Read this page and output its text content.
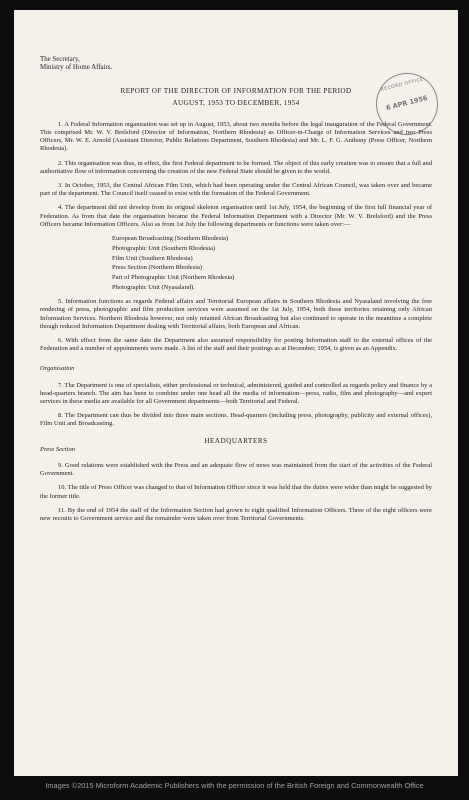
The Secretary,
Ministry of Home Affairs.
REPORT OF THE DIRECTOR OF INFORMATION FOR THE PERIOD
AUGUST, 1953 TO DECEMBER, 1954

1. A Federal Information organisation was set up in August, 1953, about two months before the legal inauguration of the Federal Government. This comprised Mr. W. V. Brelsford (Director of Information, Northern Rhodesia) as Officer-in-Charge of Information Services and two Press Officers, Mr. W. E. Arnold (Assistant Director, Public Relations Department, Southern Rhodesia) and Mr. L. F. G. Anthony (Press Officer, Northern Rhodesia).

2. This organisation was thus, in effect, the first Federal department to be formed. The object of this early creation was to ensure that a full and authoritative flow of information concerning the creation of the new Federal State should be given to the world.

3. In October, 1953, the Central African Film Unit, which had been operating under the Central African Council, was taken over and became part of the department. The Council itself ceased to exist with the formation of the Federal Government.

4. The department did not develop from its original skeleton organisation until 1st July, 1954, the beginning of the first full financial year of Federation. As from that date the organisation became the Federal Information Department with a Director (Mr. W. V. Brelsford) and the Press Officers became Information Officers. Also as from 1st July the following departments or functions were taken over:—

European Broadcasting (Southern Rhodesia)
Photographic Unit (Southern Rhodesia)
Film Unit (Southern Rhodesia)
Press Section (Northern Rhodesia)
Part of Photographic Unit (Northern Rhodesia)
Photographic Unit (Nyasaland).

5. Information functions as regards Federal affairs and Territorial European affairs in Southern Rhodesia and Nyasaland involving the free rendering of press, photographic and film production services were assumed on the 1st July, 1954, both these territories retaining only African Information Services. Northern Rhodesia however, not only retained African Broadcasting but also continued to operate in the meantime a complete though reduced Information Department dealing with Territorial affairs, both European and African.

6. With effect from the same date the Department also assumed responsibility for posting Information staff to the external offices of the Federation and a number of appointments were made. A list of the staff and their postings as at December, 1954, is given as an Appendix.

Organisation

7. The Department is one of specialists, either professional or technical, administered, guided and controlled as regards policy and finance by a head-quarters branch. The aim has been to combine under one head all the media of information—press, radio, film and photography—and expert services in these media are available for all Government departments—both Territorial and Federal.

8. The Department can thus be divided into three main sections. Head-quarters (including press, photography, publicity and external offices), Film Unit and Broadcasting.

HEADQUARTERS
Press Section

9. Good relations were established with the Press and an adequate flow of news was maintained from the start of the activities of the Federal Government.

10. The title of Press Officer was changed to that of Information Officer since it was held that the duties were wider than might be suggested by the former title.

11. By the end of 1954 the staff of the Information Section had grown to eight qualified Information Officers. Three of the eight officers were new recruits to Government service and the remainder were taken over from Territorial Governments.

RECORD OFFICE
6 APR 1956
Images ©2015 Microform Academic Publishers with the permission of the British Foreign and Commonwealth Office
